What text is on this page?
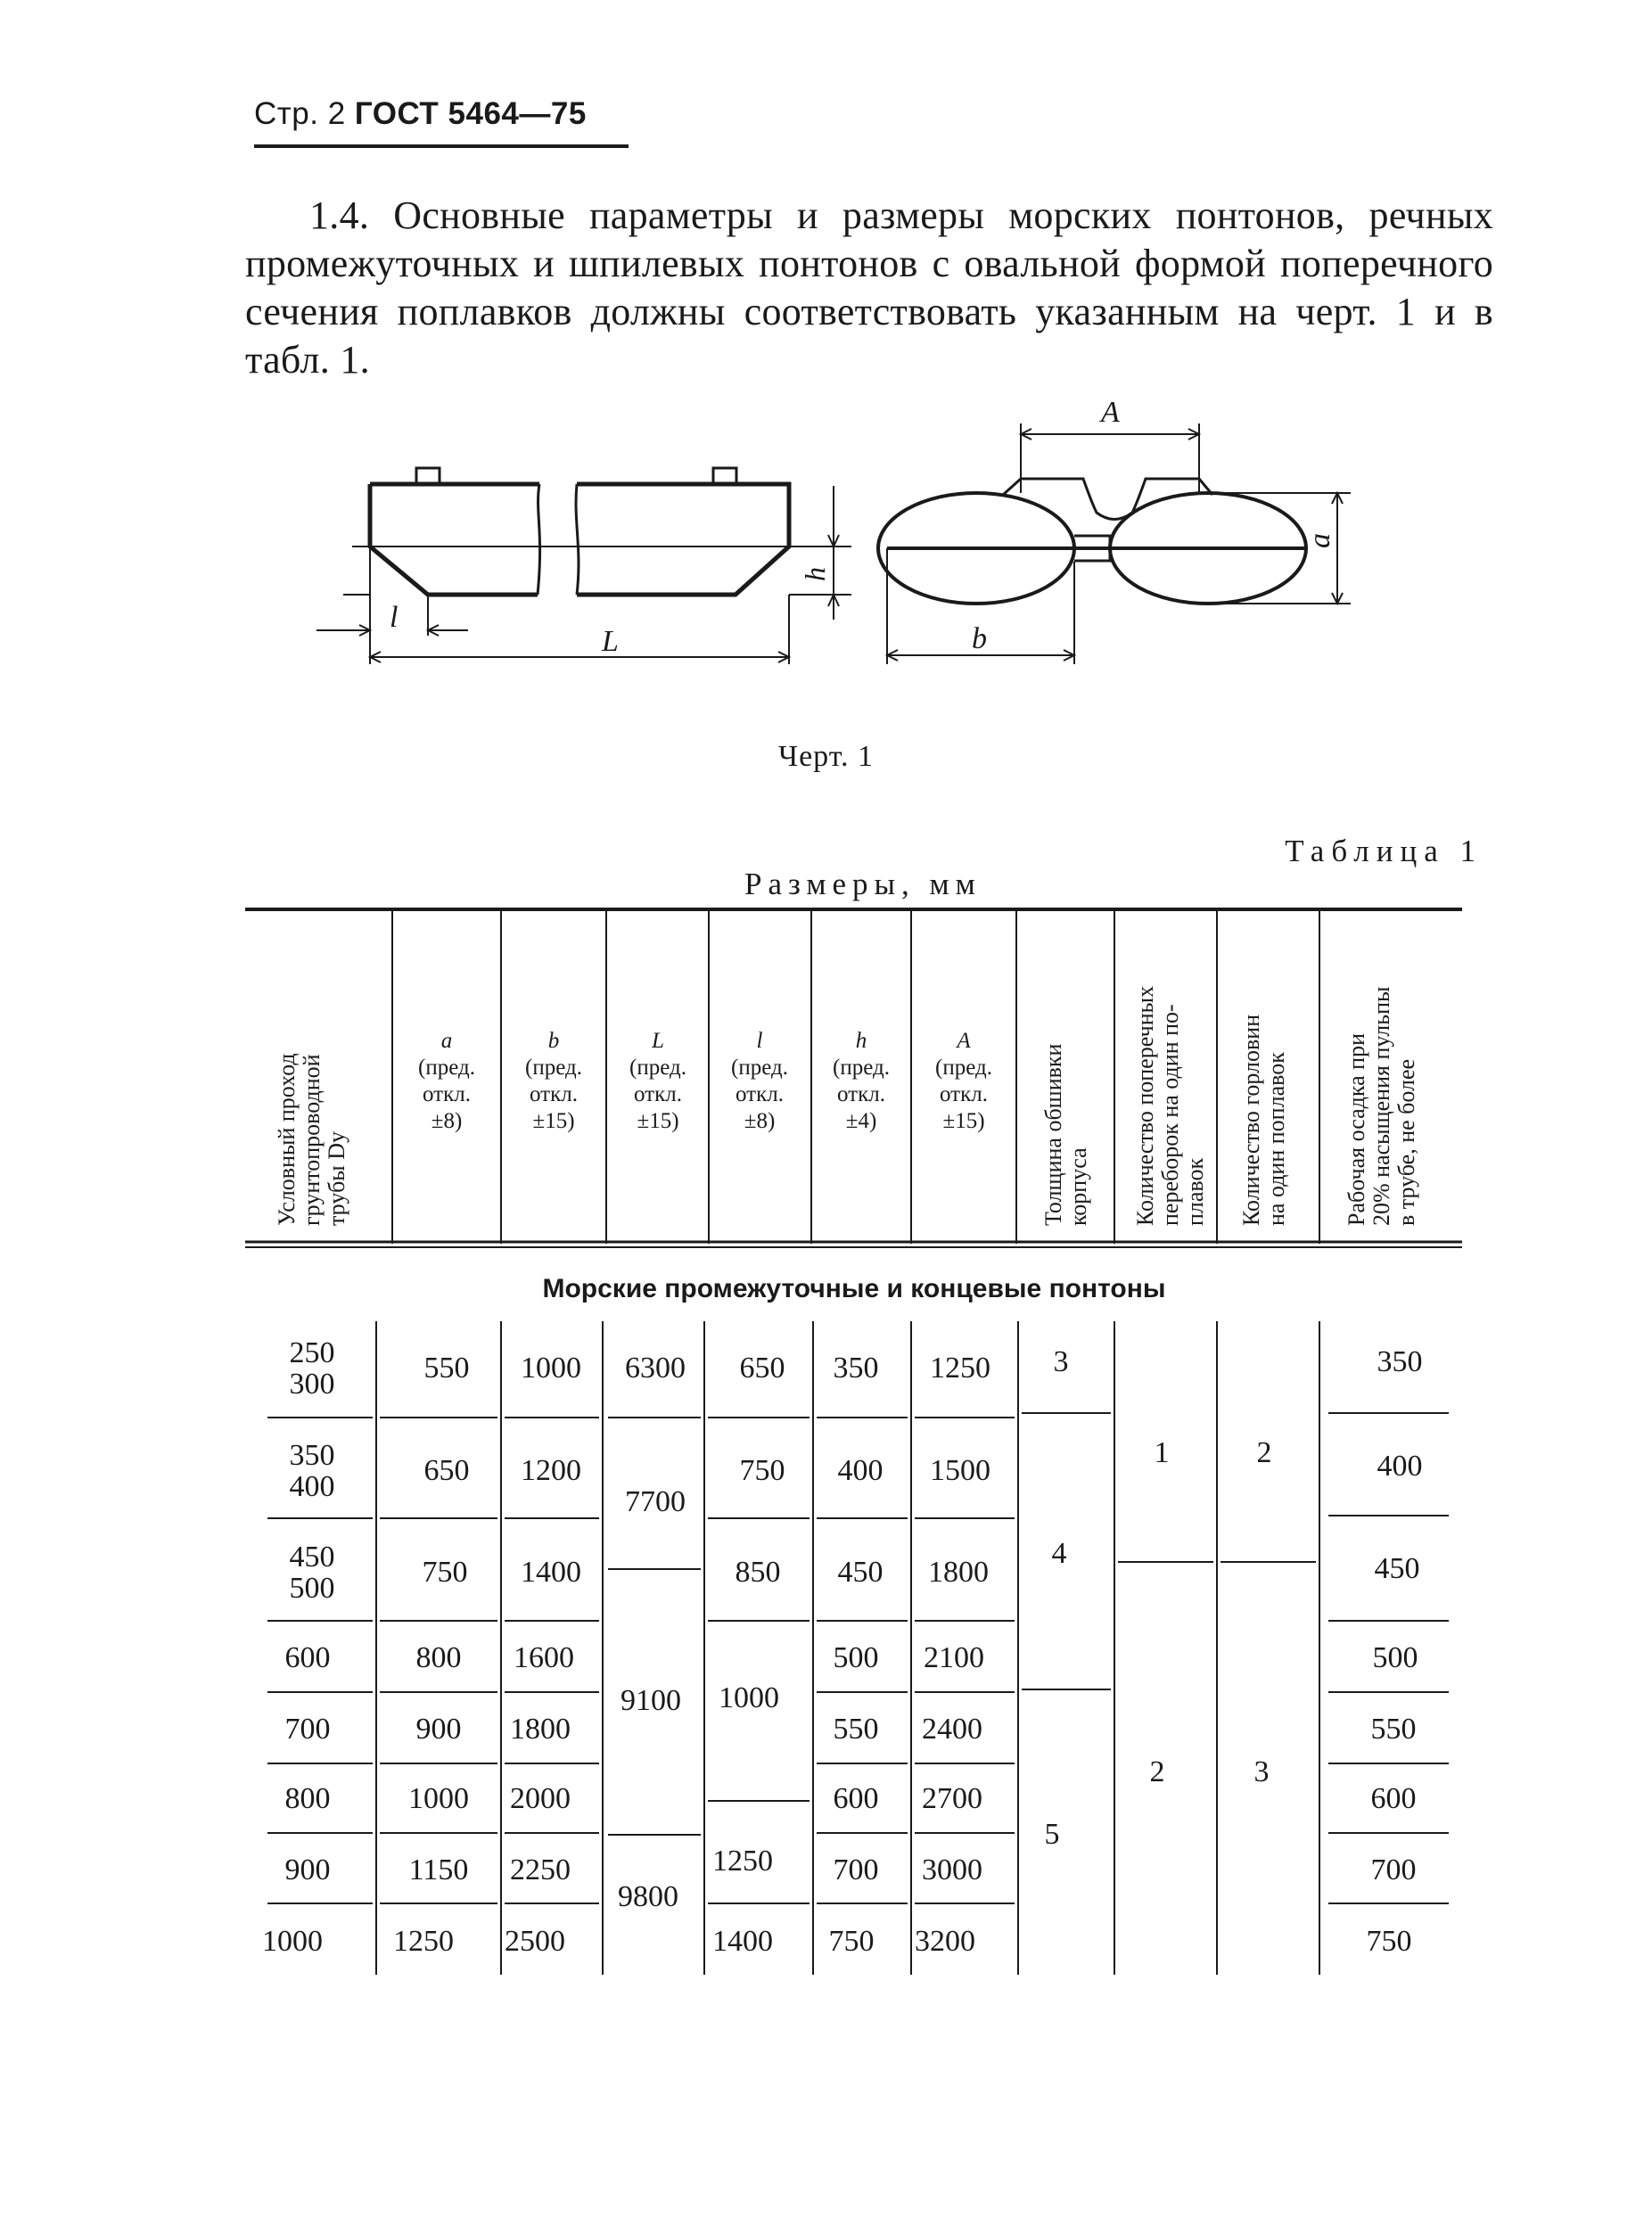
Стр. 2 ГОСТ 5464—75
1.4. Основные параметры и размеры морских понтонов, речных промежуточных и шпилевых понтонов с овальной формой поперечного сечения поплавков должны соответствовать указанным на черт. 1 и в табл. 1.
l
L
h
A
a
b
Черт. 1
Таблица 1
Размеры, мм
Условный проход грунтопроводной трубы Dу
a
(пред.
откл.
±8)
b
(пред.
откл.
±15)
L
(пред.
откл.
±15)
l
(пред.
откл.
±8)
h
(пред.
откл.
±4)
A
(пред.
откл.
±15) Толщина обшивки корпуса Количество поперечных переборок на один по- плавок Количество горловин на один поплавок Рабочая осадка при 20% насыщения пульпы в трубе, не более
Морские промежуточные и концевые понтоны
250
300
350
400
450
500
600
700
800
900
1000
550
650
750
800
900
1000
1150
1250
1000
1200
1400
1600
1800
2000
2250
2500
6300
7700
9100
9800
650
750
850
1000
1250
1400
350
400
450
500
550
600
700
750
1250
1500
1800
2100
2400
2700
3000
3200
3
4
5
1
2
2
3
350
400
450
500
550
600
700
750
